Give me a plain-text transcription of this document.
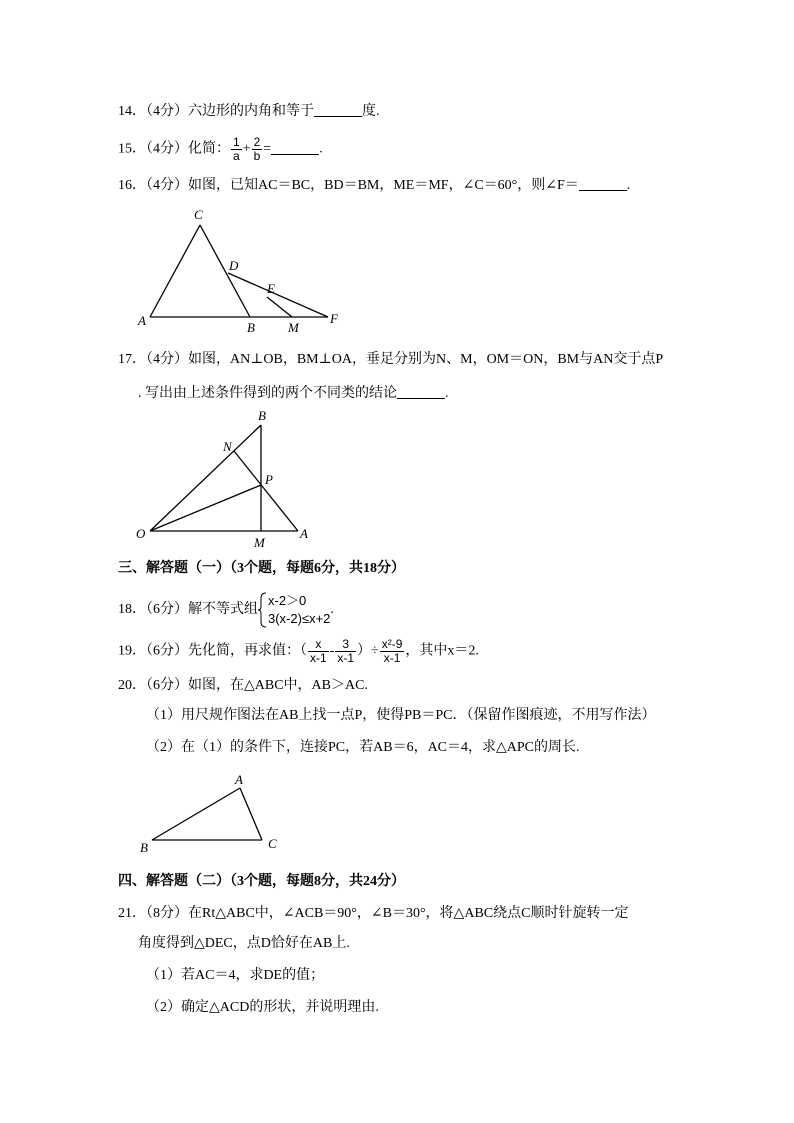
14．（4分）六边形的内角和等于	度.
15．（4分）化简： $\frac{1}{a} + \frac{2}{b}$ =	.
16．（4分）如图，已知AC＝BC，BD＝BM，ME＝MF，∠C＝60°，则∠F＝	.
C
D
E
A	B	M
F
17．（4分）如图，AN⊥OB，BM⊥OA，垂足分别为N、M，OM＝ON，BM与AN交于点P
. 写出由上述条件得到的两个不同类的结论	.
B
N
P
O
M
A
三、解答题（一）（3个题，每题6分，共18分）
18．（6分）解不等式组
x-2＞0
3(x-2)≤x+2
.
19．（6分）先化简，再求值：（ $\frac{x}{x-1} - \frac{3}{x-1}$ ）÷ $\frac{\text{x²-9}}{x-1}$ ，其中x＝2.
20．（6分）如图，在△ABC中，AB＞AC.
（1）用尺规作图法在AB上找一点P，使得PB＝PC．（保留作图痕迹，不用写作法）
（2）在（1）的条件下，连接PC，若AB＝6，AC＝4，求△APC的周长.
A
B	C
四、解答题（二）（3个题，每题8分，共24分）
21．（8分）在Rt△ABC中，∠ACB＝90°，∠B＝30°，将△ABC绕点C顺时针旋转一定
角度得到△DEC，点D恰好在AB上.
（1）若AC＝4，求DE的值；
（2）确定△ACD的形状，并说明理由.
